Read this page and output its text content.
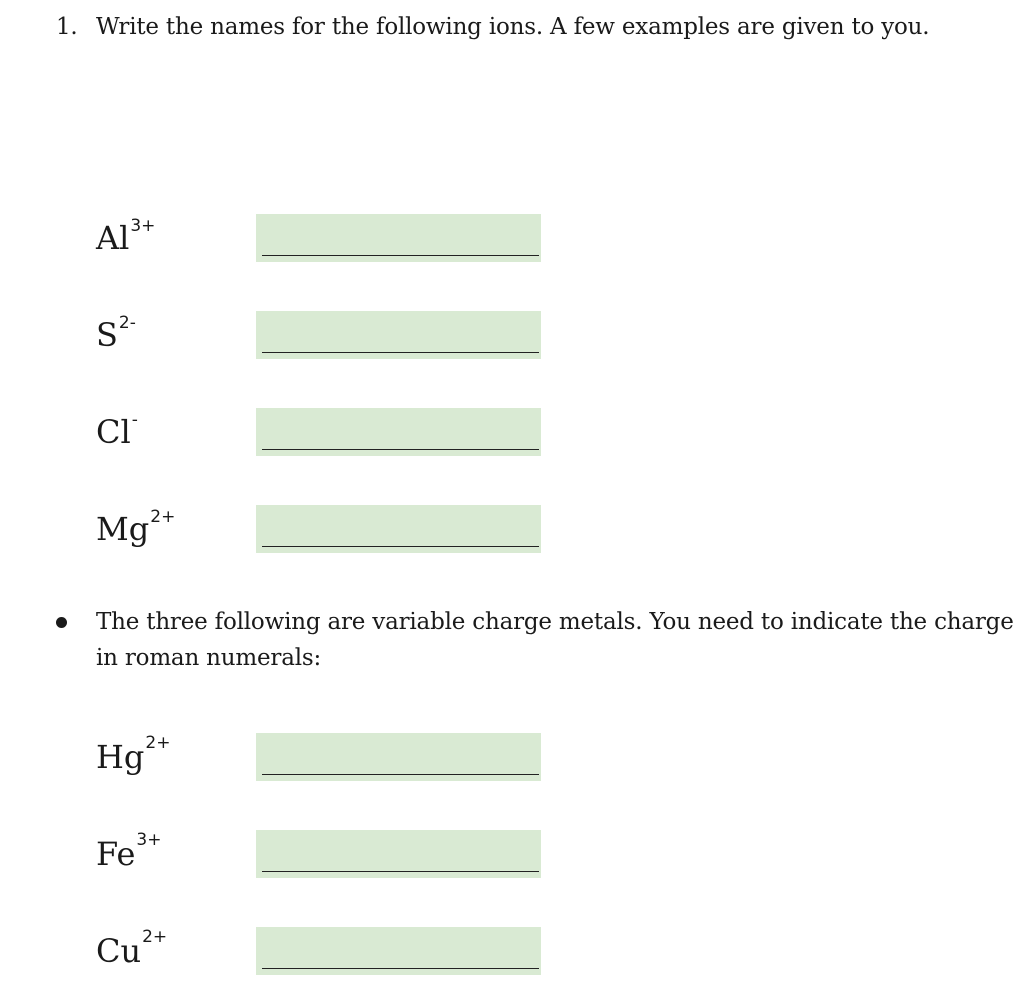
1. Write the names for the following ions. A few examples are given to you.
$Al^{3+}$
$S^{2-}$
Cl-
$Mg^{2+}$
The three following are variable charge metals. You need to indicate the charge in roman numerals:
$Hg^{2+}$
$Fe^{3+}$
$Cu^{2+}$
